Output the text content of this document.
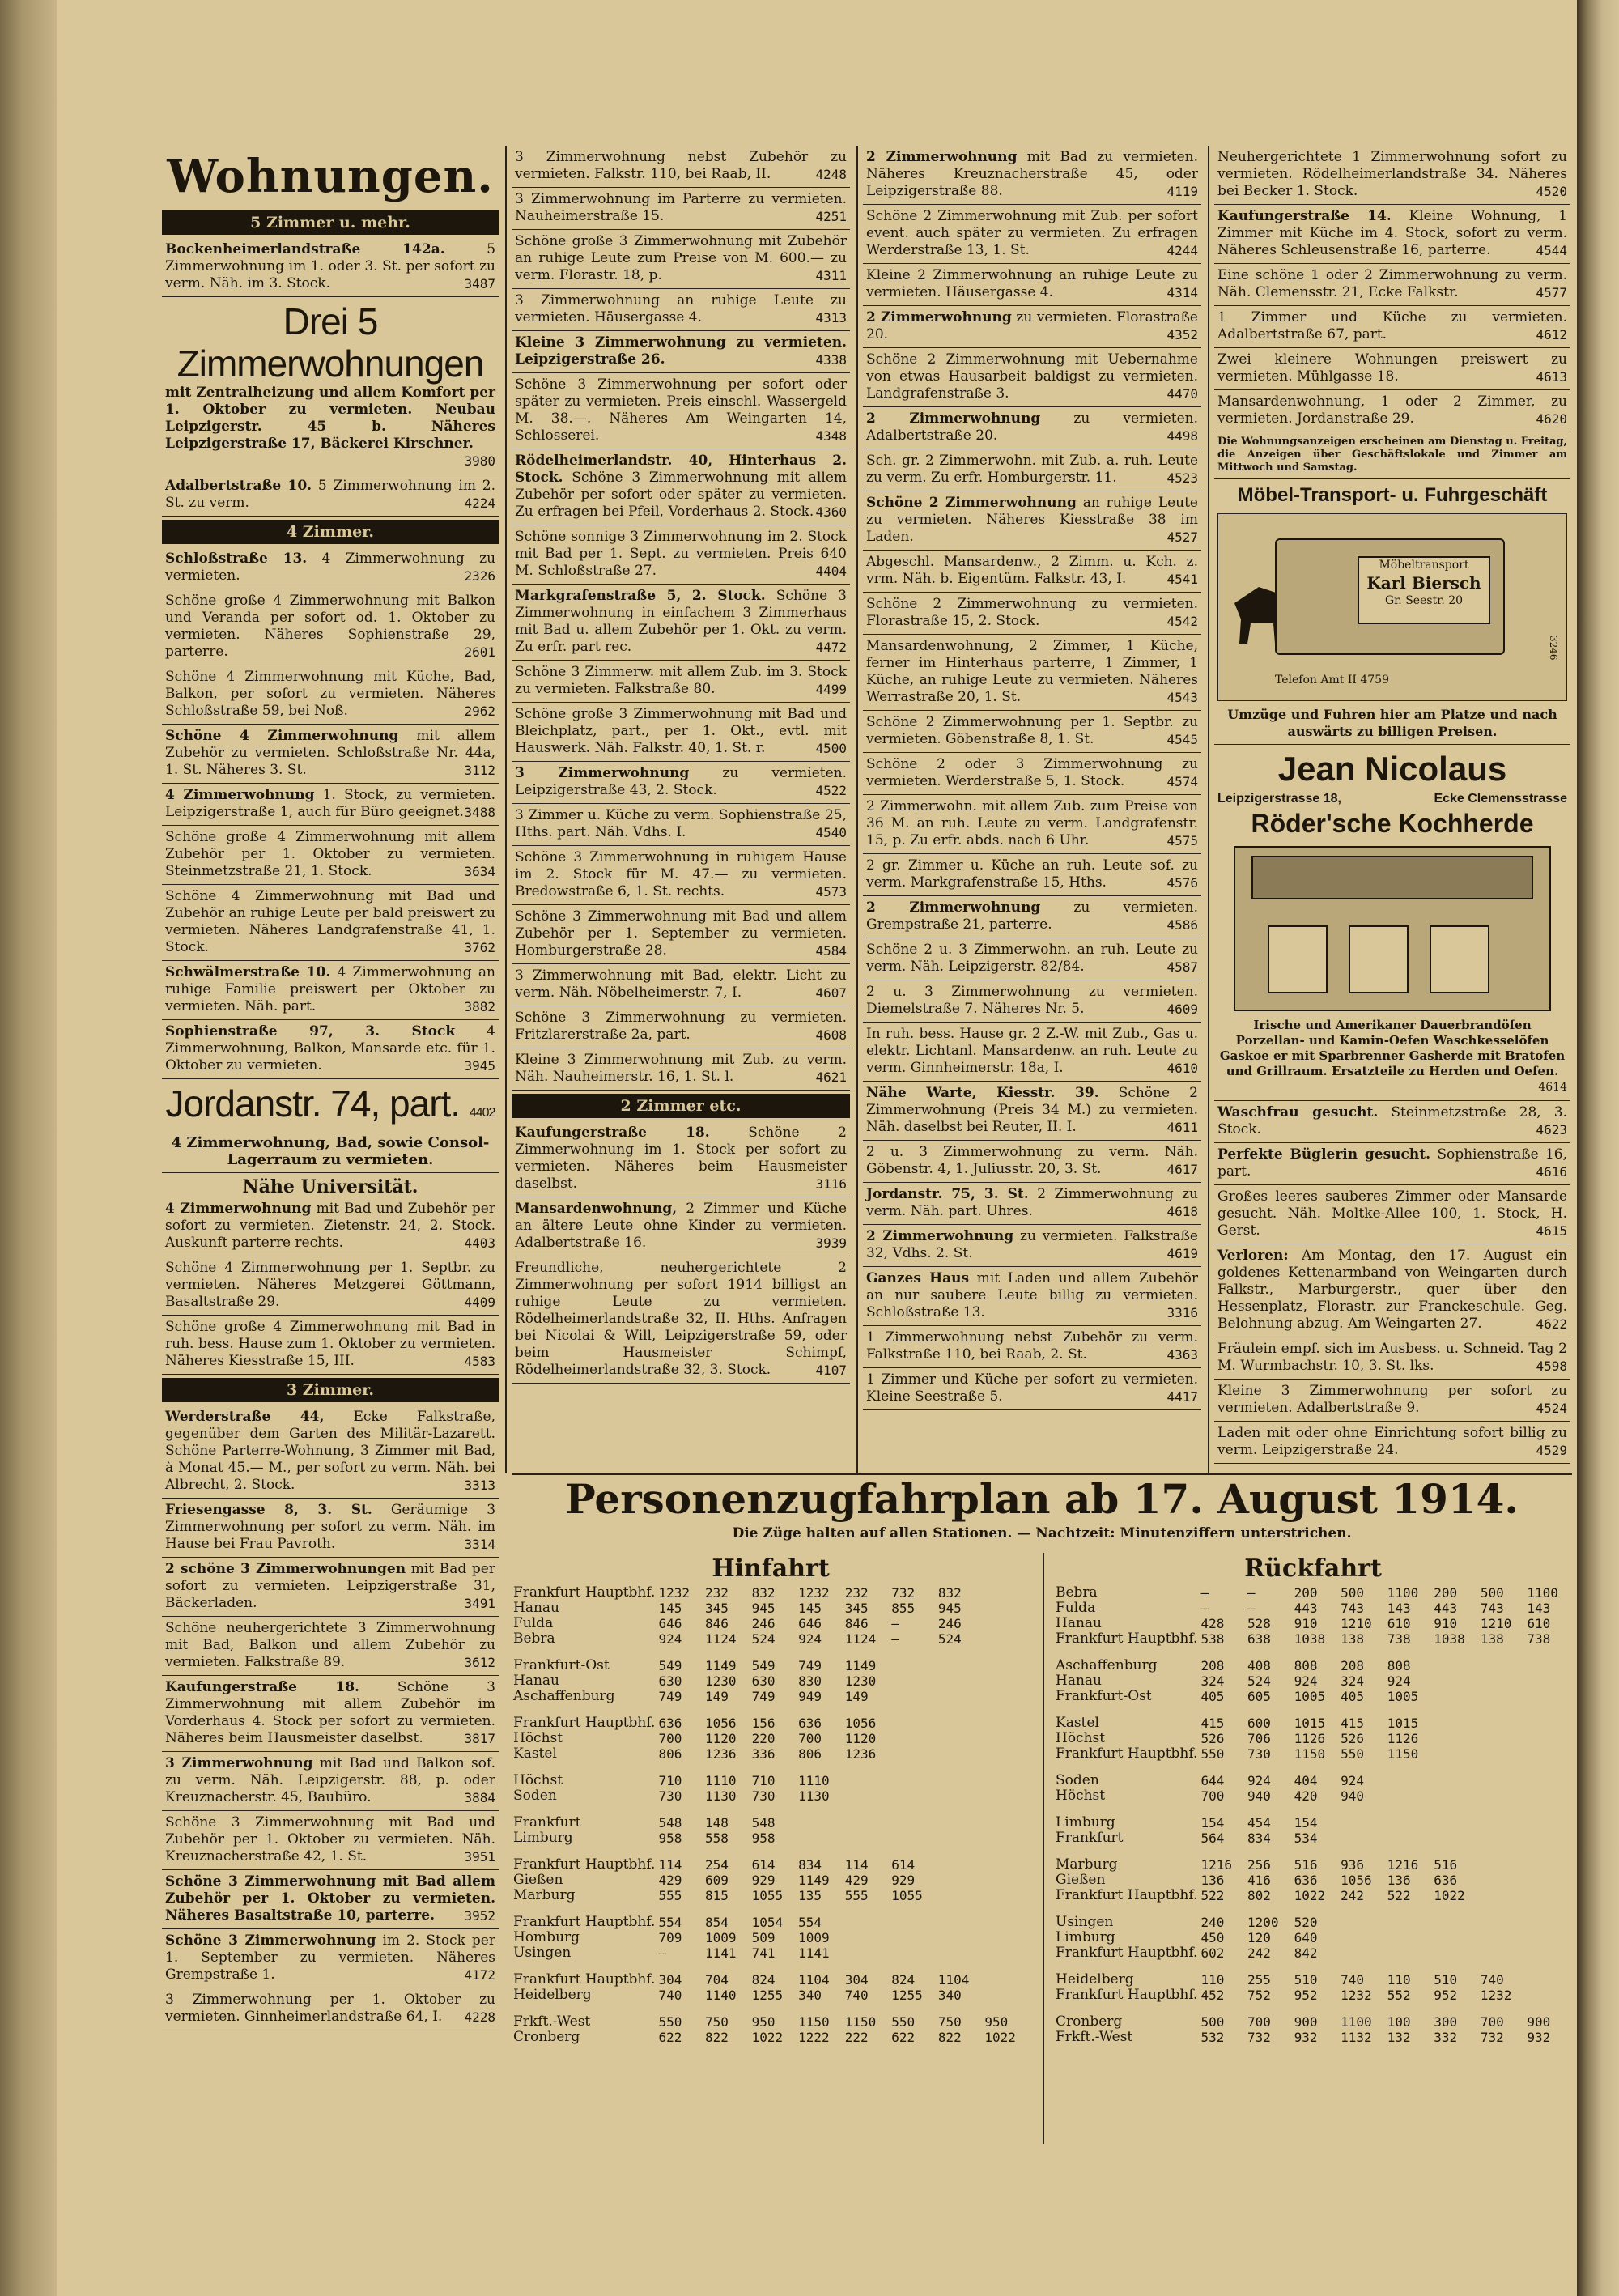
Wohnungen.
5 Zimmer u. mehr.
Bockenheimerlandstraße 142a.	5 Zimmerwohnung im 1. oder 3. St. per sofort zu verm. Näh. im 3. Stock.	3487
Drei 5 Zimmerwohnungen
mit Zentralheizung und allem Komfort per 1. Oktober zu vermieten. Neubau Leipzigerstr. 45 b. Näheres Leipzigerstraße 17, Bäckerei Kirschner.
3980
Adalbertstraße 10. 5 Zimmerwohnung im 2. St. zu verm.	4224
4 Zimmer.
Schloßstraße 13. 4 Zimmerwohnung zu vermieten.	2326
Schöne große 4 Zimmerwohnung mit Balkon und Veranda per sofort od. 1. Oktober zu vermieten. Näheres Sophienstraße 29, parterre.	2601
Schöne 4 Zimmerwohnung mit Küche, Bad, Balkon, per sofort zu vermieten. Näheres Schloßstraße 59, bei Noß.	2962
Schöne 4 Zimmerwohnung mit allem Zubehör zu vermieten. Schloßstraße Nr. 44a, 1. St. Näheres 3. St.	3112
4 Zimmerwohnung 1. Stock, zu vermieten. Leipzigerstraße 1, auch für Büro geeignet. 3488
Schöne große 4 Zimmerwohnung mit allem Zubehör per 1. Oktober zu vermieten. Steinmetzstraße 21, 1. Stock.	3634
Schöne 4 Zimmerwohnung mit Bad und Zubehör an ruhige Leute per bald preiswert zu vermieten. Näheres Landgrafenstraße 41, 1. Stock.	3762
Schwälmerstraße 10. 4 Zimmerwohnung an ruhige Familie preiswert per Oktober zu vermieten. Näh. part.	3882
Sophienstraße 97, 3. Stock 4 Zimmerwohnung, Balkon, Mansarde etc. für 1. Oktober zu vermieten.	3945
Jordanstr. 74, part. 4402
4 Zimmerwohnung, Bad, sowie Consol-Lagerraum zu vermieten.
Nähe Universität.
4 Zimmerwohnung mit Bad und Zubehör per sofort zu vermieten. Zietenstr. 24, 2. Stock. Auskunft parterre rechts.	4403
Schöne 4 Zimmerwohnung per 1. Septbr. zu vermieten. Näheres Metzgerei Göttmann, Basaltstraße 29.	4409
Schöne große 4 Zimmerwohnung mit Bad in ruh. bess. Hause zum 1. Oktober zu vermieten. Näheres Kiesstraße 15, III.	4583
3 Zimmer.
Werderstraße 44, Ecke Falkstraße, gegenüber dem Garten des Militär-Lazarett. Schöne Parterre-Wohnung, 3 Zimmer mit Bad, à Monat 45.— M., per sofort zu verm. Näh. bei Albrecht, 2. Stock.	3313
Friesengasse 8, 3. St. Geräumige 3 Zimmerwohnung per sofort zu verm. Näh. im Hause bei Frau Pavroth.	3314
2 schöne 3 Zimmerwohnungen mit Bad per sofort zu vermieten. Leipzigerstraße 31, Bäckerladen.	3491
Schöne neuhergerichtete 3 Zimmerwohnung mit Bad, Balkon und allem Zubehör zu vermieten. Falkstraße 89.	3612
Kaufungerstraße 18.	Schöne 3 Zimmerwohnung mit allem Zubehör im Vorderhaus 4. Stock per sofort zu vermieten. Näheres beim Hausmeister daselbst.	3817
3 Zimmerwohnung mit Bad und Balkon sof. zu verm. Näh. Leipzigerstr. 88, p. oder Kreuznacherstr. 45, Baubüro.	3884
Schöne 3 Zimmerwohnung mit Bad und Zubehör per 1. Oktober zu vermieten. Näh. Kreuznacherstraße 42, 1. St.	3951
Schöne 3 Zimmerwohnung mit Bad allem Zubehör per 1. Oktober zu vermieten. Näheres Basaltstraße 10, parterre. 3952
Schöne 3 Zimmerwohnung im 2. Stock per 1. September zu vermieten. Näheres Grempstraße 1.	4172
3 Zimmerwohnung per 1. Oktober zu vermieten. Ginnheimerlandstraße 64, I. 4228
3 Zimmerwohnung nebst Zubehör zu vermieten. Falkstr. 110, bei Raab, II.	4248
3 Zimmerwohnung im Parterre zu vermieten. Nauheimerstraße 15.	4251
Schöne große 3 Zimmerwohnung mit Zubehör an ruhige Leute zum Preise von M. 600.— zu verm. Florastr. 18, p.	4311
3 Zimmerwohnung an ruhige Leute zu vermieten. Häusergasse 4.	4313
Kleine 3 Zimmerwohnung zu vermieten. Leipzigerstraße 26.	4338
Schöne 3 Zimmerwohnung per sofort oder später zu vermieten. Preis einschl. Wassergeld M. 38.—. Näheres Am Weingarten 14, Schlosserei.	4348
Rödelheimerlandstr. 40, Hinterhaus 2. Stock. Schöne 3 Zimmerwohnung mit allem Zubehör per sofort oder später zu vermieten. Zu erfragen bei Pfeil, Vorderhaus 2. Stock. 4360
Schöne sonnige 3 Zimmerwohnung im 2. Stock mit Bad per 1. Sept. zu vermieten. Preis 640 M. Schloßstraße 27.	4404
Markgrafenstraße 5, 2. Stock. Schöne 3 Zimmerwohnung in einfachem 3 Zimmerhaus mit Bad u. allem Zubehör per 1. Okt. zu verm. Zu erfr. part rec.	4472
Schöne 3 Zimmerw. mit allem Zub. im 3. Stock zu vermieten. Falkstraße 80.	4499
Schöne große 3 Zimmerwohnung mit Bad und Bleichplatz, part., per 1. Okt., evtl. mit Hauswerk. Näh. Falkstr. 40, 1. St. r.	4500
3 Zimmerwohnung zu vermieten. Leipzigerstraße 43, 2. Stock.	4522
3 Zimmer u. Küche zu verm. Sophienstraße 25, Hths. part. Näh. Vdhs. I.	4540
Schöne 3 Zimmerwohnung in ruhigem Hause im 2. Stock für M. 47.— zu vermieten. Bredowstraße 6, 1. St. rechts.	4573
Schöne 3 Zimmerwohnung mit Bad und allem Zubehör per 1. September zu vermieten. Homburgerstraße 28.	4584
3 Zimmerwohnung mit Bad, elektr. Licht zu verm. Näh. Nöbelheimerstr. 7, I.	4607
Schöne 3 Zimmerwohnung zu vermieten. Fritzlarerstraße 2a, part.	4608
Kleine 3 Zimmerwohnung mit Zub. zu verm. Näh. Nauheimerstr. 16, 1. St. l.	4621
2 Zimmer etc.
Kaufungerstraße 18.	Schöne 2 Zimmerwohnung im 1. Stock per sofort zu vermieten. Näheres beim Hausmeister daselbst.	3116
Mansardenwohnung, 2 Zimmer und Küche an ältere Leute ohne Kinder zu vermieten. Adalbertstraße 16.	3939
Freundliche, neuhergerichtete 2 Zimmerwohnung per sofort 1914 billigst an ruhige Leute zu vermieten. Rödelheimerlandstraße 32, II. Hths. Anfragen bei Nicolai & Will, Leipzigerstraße 59, oder beim Hausmeister Schimpf, Rödelheimerlandstraße 32, 3. Stock.	4107
2 Zimmerwohnung mit Bad zu vermieten. Näheres Kreuznacherstraße 45, oder Leipzigerstraße 88.	4119
Schöne 2 Zimmerwohnung mit Zub. per sofort event. auch später zu vermieten. Zu erfragen Werderstraße 13, 1. St.	4244
Kleine 2 Zimmerwohnung an ruhige Leute zu vermieten. Häusergasse 4.	4314
2 Zimmerwohnung zu vermieten. Florastraße 20.	4352
Schöne 2 Zimmerwohnung mit Uebernahme von etwas Hausarbeit baldigst zu vermieten. Landgrafenstraße 3.	4470
2 Zimmerwohnung zu vermieten. Adalbertstraße 20.	4498
Sch. gr. 2 Zimmerwohn. mit Zub. a. ruh. Leute zu verm. Zu erfr. Homburgerstr. 11.	4523
Schöne 2 Zimmerwohnung an ruhige Leute zu vermieten. Näheres Kiesstraße 38 im Laden.	4527
Abgeschl. Mansardenw., 2 Zimm. u. Kch. z. vrm. Näh. b. Eigentüm. Falkstr. 43, I.	4541
Schöne 2 Zimmerwohnung zu vermieten. Florastraße 15, 2. Stock.	4542
Mansardenwohnung, 2 Zimmer, 1 Küche, ferner im Hinterhaus parterre, 1 Zimmer, 1 Küche, an ruhige Leute zu vermieten. Näheres Werrastraße 20, 1. St.	4543
Schöne 2 Zimmerwohnung per 1. Septbr. zu vermieten. Göbenstraße 8, 1. St.	4545
Schöne 2 oder 3 Zimmerwohnung zu vermieten. Werderstraße 5, 1. Stock.	4574
2 Zimmerwohn. mit allem Zub. zum Preise von 36 M. an ruh. Leute zu verm. Landgrafenstr. 15, p. Zu erfr. abds. nach 6 Uhr.	4575
2 gr. Zimmer u. Küche an ruh. Leute sof. zu verm. Markgrafenstraße 15, Hths.	4576
2 Zimmerwohnung zu vermieten. Grempstraße 21, parterre.	4586
Schöne 2 u. 3 Zimmerwohn. an ruh. Leute zu verm. Näh. Leipzigerstr. 82/84.	4587
2 u. 3 Zimmerwohnung zu vermieten. Diemelstraße 7. Näheres Nr. 5.	4609
In ruh. bess. Hause gr. 2 Z.-W. mit Zub., Gas u. elektr. Lichtanl. Mansardenw. an ruh. Leute zu verm. Ginnheimerstr. 18a, I.	4610
Nähe Warte, Kiesstr. 39. Schöne 2 Zimmerwohnung (Preis 34 M.) zu vermieten. Näh. daselbst bei Reuter, II. I.	4611
2 u. 3 Zimmerwohnung zu verm. Näh. Göbenstr. 4, 1. Juliusstr. 20, 3. St.	4617
Jordanstr. 75, 3. St. 2 Zimmerwohnung zu verm. Näh. part. Uhres.	4618
2 Zimmerwohnung zu vermieten. Falkstraße 32, Vdhs. 2. St.	4619
Ganzes Haus mit Laden und allem Zubehör an nur saubere Leute billig zu vermieten. Schloßstraße 13.	3316
1 Zimmerwohnung nebst Zubehör zu verm. Falkstraße 110, bei Raab, 2. St.	4363
1 Zimmer und Küche per sofort zu vermieten. Kleine Seestraße 5.	4417
Neuhergerichtete 1 Zimmerwohnung sofort zu vermieten. Rödelheimerlandstraße 34. Näheres bei Becker 1. Stock.	4520
Kaufungerstraße 14. Kleine Wohnung, 1 Zimmer mit Küche im 4. Stock, sofort zu verm. Näheres Schleusenstraße 16, parterre.	4544
Eine schöne 1 oder 2 Zimmerwohnung zu verm. Näh. Clemensstr. 21, Ecke Falkstr.	4577
1 Zimmer und Küche zu vermieten. Adalbertstraße 67, part.	4612
Zwei kleinere Wohnungen preiswert zu vermieten. Mühlgasse 18.	4613
Mansardenwohnung, 1 oder 2 Zimmer, zu vermieten. Jordanstraße 29.	4620
Die Wohnungsanzeigen erscheinen am Dienstag u. Freitag, die Anzeigen über Geschäftslokale und Zimmer am Mittwoch und Samstag.
Möbel-Transport- u. Fuhrgeschäft
Möbeltransport
Karl Biersch
Gr. Seestr. 20
Telefon Amt II 4759
3246
Umzüge und Fuhren hier am Platze und nach auswärts zu billigen Preisen.
Jean Nicolaus
Leipzigerstrasse 18,	Ecke Clemensstrasse
Röder'sche Kochherde
Irische und Amerikaner Dauerbrandöfen Porzellan- und Kamin-Oefen Waschkesselöfen Gaskoe er mit Sparbrenner Gasherde mit Bratofen und Grillraum. Ersatzteile zu Herden und Oefen.
4614
Waschfrau gesucht. Steinmetzstraße 28, 3. Stock.	4623
Perfekte Büglerin gesucht. Sophienstraße 16, part.	4616
Großes leeres sauberes Zimmer oder Mansarde gesucht. Näh. Moltke-Allee 100, 1. Stock, H. Gerst.	4615
Verloren: Am Montag, den 17. August ein goldenes Kettenarmband von Weingarten durch Falkstr., Marburgerstr., quer über den Hessenplatz, Florastr. zur Franckeschule. Geg. Belohnung abzug. Am Weingarten 27.	4622
Fräulein empf. sich im Ausbess. u. Schneid. Tag 2 M. Wurmbachstr. 10, 3. St. lks.	4598
Kleine 3 Zimmerwohnung per sofort zu vermieten. Adalbertstraße 9.	4524
Laden mit oder ohne Einrichtung sofort billig zu verm. Leipzigerstraße 24.	4529
Personenzugfahrplan ab 17. August 1914.
Die Züge halten auf allen Stationen. — Nachtzeit: Minutenziffern unterstrichen.
Hinfahrt
Frankfurt Hauptbhf.	1232	232	832	1232	232	732	832	
Hanau	145	345	945	145	345	855	945	
Fulda	646	846	246	646	846	—	246	
Bebra	924	1124	524	924	1124	—	524	

Frankfurt-Ost	549	1149	549	749	1149			
Hanau	630	1230	630	830	1230			
Aschaffenburg	749	149	749	949	149			

Frankfurt Hauptbhf.	636	1056	156	636	1056			
Höchst	700	1120	220	700	1120			
Kastel	806	1236	336	806	1236			

Höchst	710	1110	710	1110				
Soden	730	1130	730	1130				

Frankfurt	548	148	548					
Limburg	958	558	958					

Frankfurt Hauptbhf.	114	254	614	834	114	614		
Gießen	429	609	929	1149	429	929		
Marburg	555	815	1055	135	555	1055		

Frankfurt Hauptbhf.	554	854	1054	554				
Homburg	709	1009	509	1009				
Usingen	—	1141	741	1141				

Frankfurt Hauptbhf.	304	704	824	1104	304	824	1104	
Heidelberg	740	1140	1255	340	740	1255	340	

Frkft.-West	550	750	950	1150	1150	550	750	950
Cronberg	622	822	1022	1222	222	622	822	1022
Rückfahrt
Bebra	—	—	200	500	1100	200	500	1100
Fulda	—	—	443	743	143	443	743	143
Hanau	428	528	910	1210	610	910	1210	610
Frankfurt Hauptbhf.	538	638	1038	138	738	1038	138	738

Aschaffenburg	208	408	808	208	808			
Hanau	324	524	924	324	924			
Frankfurt-Ost	405	605	1005	405	1005			

Kastel	415	600	1015	415	1015			
Höchst	526	706	1126	526	1126			
Frankfurt Hauptbhf.	550	730	1150	550	1150			

Soden	644	924	404	924				
Höchst	700	940	420	940				

Limburg	154	454	154					
Frankfurt	564	834	534					

Marburg	1216	256	516	936	1216	516		
Gießen	136	416	636	1056	136	636		
Frankfurt Hauptbhf.	522	802	1022	242	522	1022		

Usingen	240	1200	520					
Limburg	450	120	640					
Frankfurt Hauptbhf.	602	242	842					

Heidelberg	110	255	510	740	110	510	740	
Frankfurt Hauptbhf.	452	752	952	1232	552	952	1232	

Cronberg	500	700	900	1100	100	300	700	900
Frkft.-West	532	732	932	1132	132	332	732	932
